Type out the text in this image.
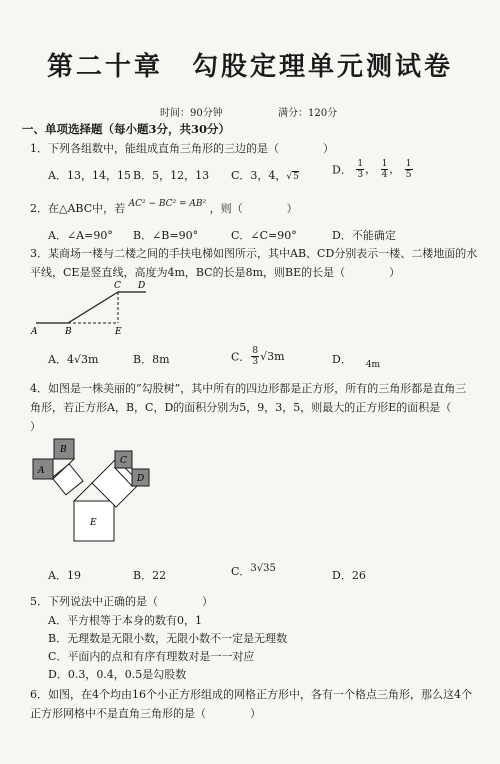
第二十章　勾股定理单元测试卷
时间：90分钟	满分：120分
一、单项选择题（每小题3分，共30分）
1．下列各组数中，能组成直角三角形的三边的是（　　　　）
A．13，14，15 B．5，12，13 C．3，4，√5
D． $\frac{1}{3}$ ， $\frac{1}{4}$ ， $\frac{1}{5}$
2．在△ABC中，若 $^{AC^2 - BC^2 = AB^2}$ ，则（　　　　）
A．∠A=90° B．∠B=90°	C．∠C=90°	D．不能确定
3．某商场一楼与二楼之间的手扶电梯如图所示，其中AB、CD分别表示一楼、二楼地面的水
平线，CE是竖直线，高度为4m，BC的长是8m，则BE的长是（　　　　）
A	B
C D
E
A．4√3m	B．8m	C． $\frac{8}{3} √3m$	D． $_{4m}$
4．如图是一株美丽的“勾股树”，其中所有的四边形都是正方形，所有的三角形都是直角三
角形，若正方形A，B，C，D的面积分别为5，9，3，5，则最大的正方形E的面积是（
）
A
B
C
D
E
A．19	B．22	C．3√35
D．26
5．下列说法中正确的是（　　　　）
A．平方根等于本身的数有0，1
B．无理数是无限小数，无限小数不一定是无理数
C．平面内的点和有序有理数对是一一对应
D．0.3，0.4，0.5是勾股数
6．如图，在4个均由16个小正方形组成的网格正方形中，各有一个格点三角形，那么这4个
正方形网格中不是直角三角形的是（　　　　）
